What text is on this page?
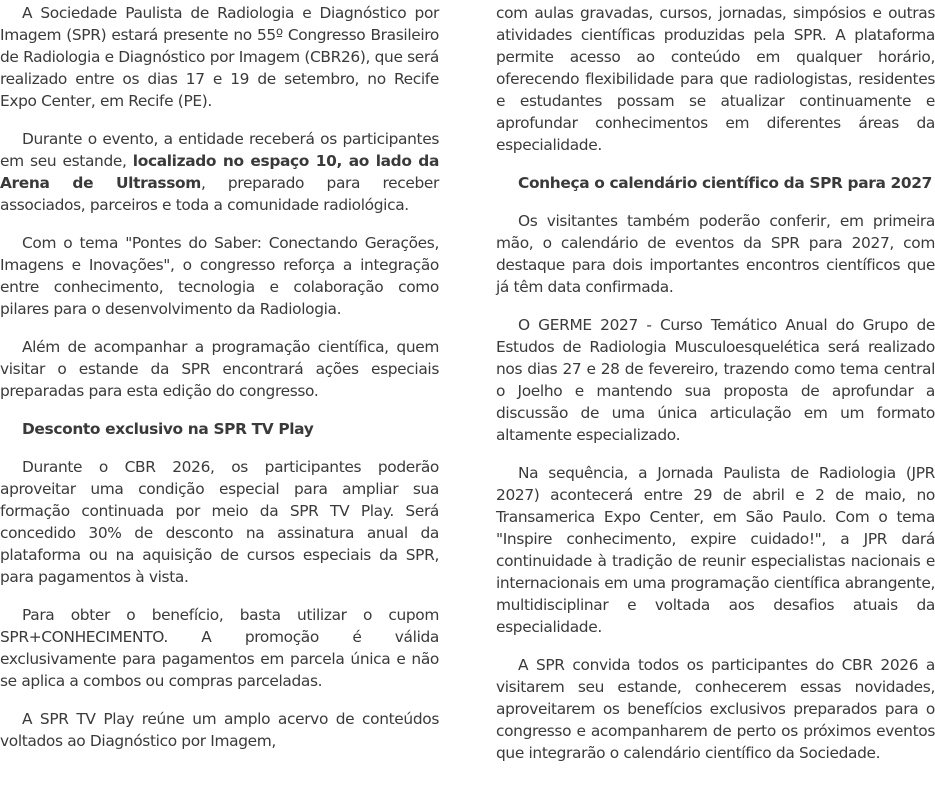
A Sociedade Paulista de Radiologia e Diagnóstico por Imagem (SPR) estará presente no 55º Congresso Brasileiro de Radiologia e Diagnóstico por Imagem (CBR26), que será realizado entre os dias 17 e 19 de setembro, no Recife Expo Center, em Recife (PE).

Durante o evento, a entidade receberá os participantes em seu estande, localizado no espaço 10, ao lado da Arena de Ultrassom, preparado para receber associados, parceiros e toda a comunidade radiológica.

Com o tema "Pontes do Saber: Conectando Gerações, Imagens e Inovações", o congresso reforça a integração entre conhecimento, tecnologia e colaboração como pilares para o desenvolvimento da Radiologia.

Além de acompanhar a programação científica, quem visitar o estande da SPR encontrará ações especiais preparadas para esta edição do congresso.

Desconto exclusivo na SPR TV Play

Durante o CBR 2026, os participantes poderão aproveitar uma condição especial para ampliar sua formação continuada por meio da SPR TV Play. Será concedido 30% de desconto na assinatura anual da plataforma ou na aquisição de cursos especiais da SPR, para pagamentos à vista.

Para obter o benefício, basta utilizar o cupom SPR+CONHECIMENTO. A promoção é válida exclusivamente para pagamentos em parcela única e não se aplica a combos ou compras parceladas.

A SPR TV Play reúne um amplo acervo de conteúdos voltados ao Diagnóstico por Imagem,

com aulas gravadas, cursos, jornadas, simpósios e outras atividades científicas produzidas pela SPR. A plataforma permite acesso ao conteúdo em qualquer horário, oferecendo flexibilidade para que radiologistas, residentes e estudantes possam se atualizar continuamente e aprofundar conhecimentos em diferentes áreas da especialidade.

Conheça o calendário científico da SPR para 2027

Os visitantes também poderão conferir, em primeira mão, o calendário de eventos da SPR para 2027, com destaque para dois importantes encontros científicos que já têm data confirmada.

O GERME 2027 - Curso Temático Anual do Grupo de Estudos de Radiologia Musculoesquelética será realizado nos dias 27 e 28 de fevereiro, trazendo como tema central o Joelho e mantendo sua proposta de aprofundar a discussão de uma única articulação em um formato altamente especializado.

Na sequência, a Jornada Paulista de Radiologia (JPR 2027) acontecerá entre 29 de abril e 2 de maio, no Transamerica Expo Center, em São Paulo. Com o tema "Inspire conhecimento, expire cuidado!", a JPR dará continuidade à tradição de reunir especialistas nacionais e internacionais em uma programação científica abrangente, multidisciplinar e voltada aos desafios atuais da especialidade.

A SPR convida todos os participantes do CBR 2026 a visitarem seu estande, conhecerem essas novidades, aproveitarem os benefícios exclusivos preparados para o congresso e acompanharem de perto os próximos eventos que integrarão o calendário científico da Sociedade.
